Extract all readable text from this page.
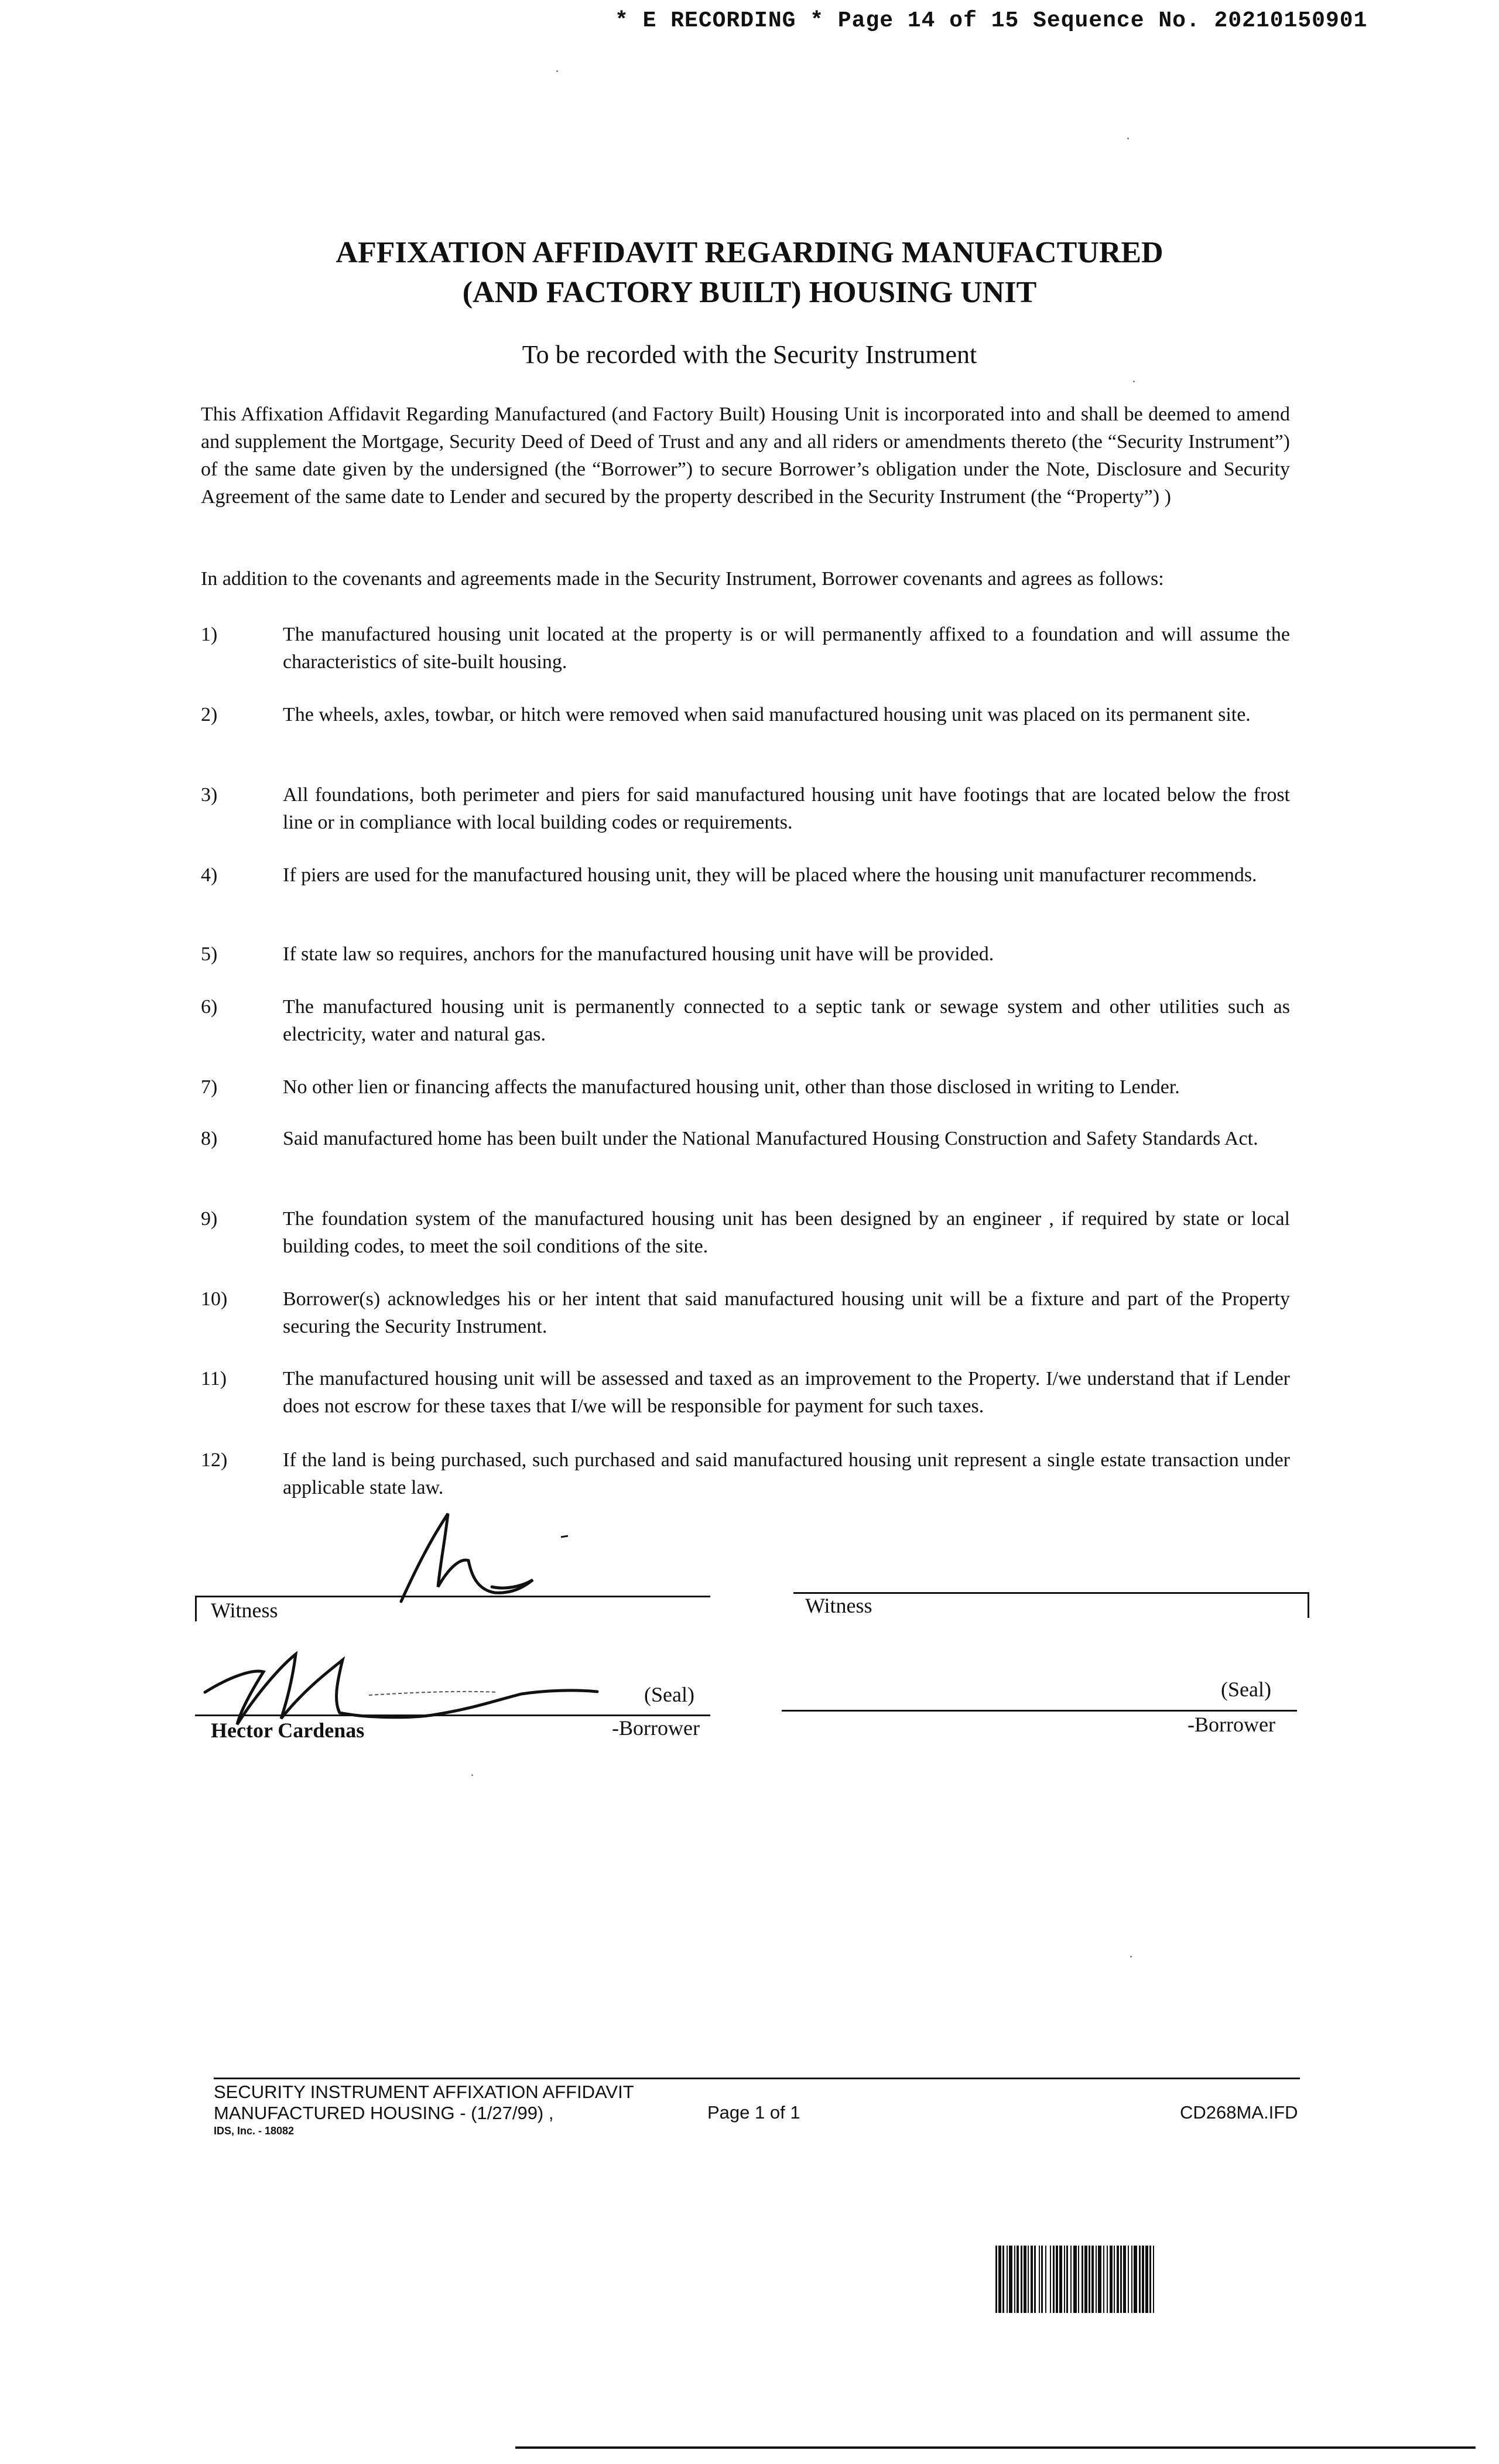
* E RECORDING * Page 14 of 15 Sequence No. 20210150901
AFFIXATION AFFIDAVIT REGARDING MANUFACTURED
(AND FACTORY BUILT) HOUSING UNIT
To be recorded with the Security Instrument
This Affixation Affidavit Regarding Manufactured (and Factory Built) Housing Unit is incorporated into and shall be deemed to amend and supplement the Mortgage, Security Deed of Deed of Trust and any and all riders or amendments thereto (the “Security Instrument”) of the same date given by the undersigned (the “Borrower”) to secure Borrower’s obligation under the Note, Disclosure and Security Agreement of the same date to Lender and secured by the property described in the Security Instrument (the “Property”) )
In addition to the covenants and agreements made in the Security Instrument, Borrower covenants and agrees as follows:
1)	The manufactured housing unit located at the property is or will permanently affixed to a foundation and will assume the characteristics of site-built housing.
2)	The wheels, axles, towbar, or hitch were removed when said manufactured housing unit was placed on its permanent site.
3)	All foundations, both perimeter and piers for said manufactured housing unit have footings that are located below the frost line or in compliance with local building codes or requirements.
4)	If piers are used for the manufactured housing unit, they will be placed where the housing unit manufacturer recommends.
5)	If state law so requires, anchors for the manufactured housing unit have will be provided.
6)	The manufactured housing unit is permanently connected to a septic tank or sewage system and other utilities such as electricity, water and natural gas.
7)	No other lien or financing affects the manufactured housing unit, other than those disclosed in writing to Lender.
8)	Said manufactured home has been built under the National Manufactured Housing Construction and Safety Standards Act.
9)	The foundation system of the manufactured housing unit has been designed by an engineer , if required by state or local building codes, to meet the soil conditions of the site.
10)	Borrower(s) acknowledges his or her intent that said manufactured housing unit will be a fixture and part of the Property securing the Security Instrument.
11)	The manufactured housing unit will be assessed and taxed as an improvement to the Property. I/we understand that if Lender does not escrow for these taxes that I/we will be responsible for payment for such taxes.
12)	If the land is being purchased, such purchased and said manufactured housing unit represent a single estate transaction under applicable state law.
Witness	Witness
(Seal)
Hector Cardenas	-Borrower
(Seal)
-Borrower
SECURITY INSTRUMENT AFFIXATION AFFIDAVIT
MANUFACTURED HOUSING - (1/27/99) ,
IDS, Inc. - 18082
Page 1 of 1	CD268MA.IFD
